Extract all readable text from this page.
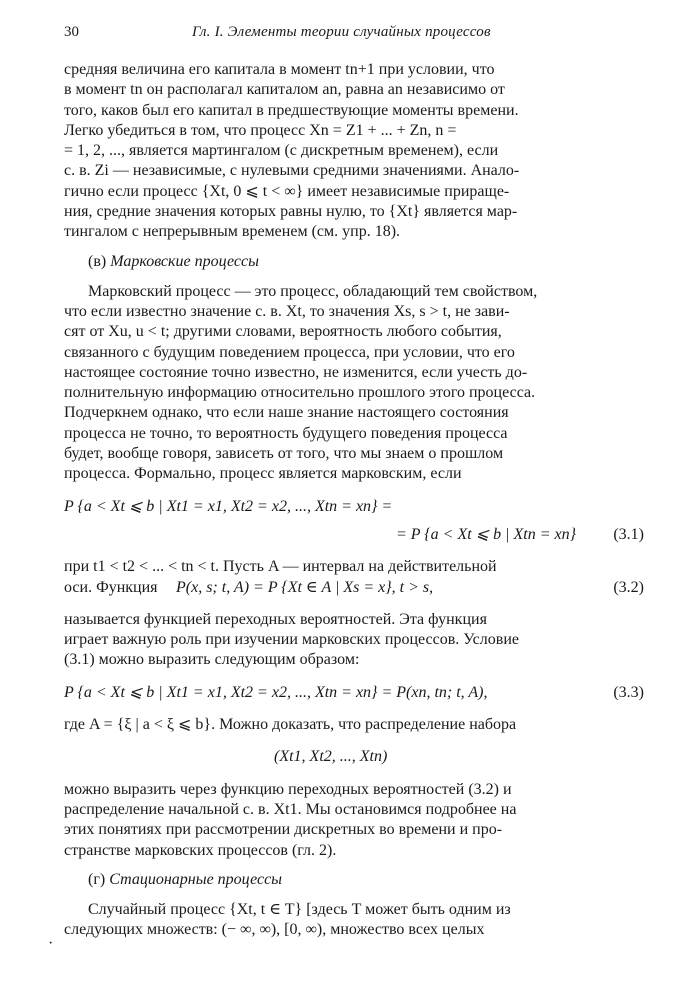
30	Гл. I. Элементы теории случайных процессов

средняя величина его капитала в момент tn+1 при условии, что

в момент tn он располагал капиталом an, равна an независимо от

того, каков был его капитал в предшествующие моменты времени.

Легко убедиться в том, что процесс Xn = Z1 + ... + Zn, n =

= 1, 2, ..., является мартингалом (с дискретным временем), если

с. в. Zi — независимые, с нулевыми средними значениями. Анало-

гично если процесс {Xt, 0 ⩽ t < ∞} имеет независимые прираще-

ния, средние значения которых равны нулю, то {Xt} является мар-

тингалом с непрерывным временем (см. упр. 18).

(в) Марковские процессы

Марковский процесс — это процесс, обладающий тем свойством,

что если известно значение с. в. Xt, то значения Xs, s > t, не зави-

сят от Xu, u < t; другими словами, вероятность любого события,

связанного с будущим поведением процесса, при условии, что его

настоящее состояние точно известно, не изменится, если учесть до-

полнительную информацию относительно прошлого этого процесса.

Подчеркнем однако, что если наше знание настоящего состояния

процесса не точно, то вероятность будущего поведения процесса

будет, вообще говоря, зависеть от того, что мы знаем о прошлом

процесса. Формально, процесс является марковским, если

P {a < Xt ⩽ b | Xt1 = x1, Xt2 = x2, ..., Xtn = xn} =
= P {a < Xt ⩽ b | Xtn = xn} (3.1)

при t1 < t2 < ... < tn < t. Пусть A — интервал на действительной

оси. Функция	P(x, s; t, A) = P {Xt ∈ A | Xs = x}, t > s,	(3.2)

называется функцией переходных вероятностей. Эта функция

играет важную роль при изучении марковских процессов. Условие

(3.1) можно выразить следующим образом:

P {a < Xt ⩽ b | Xt1 = x1, Xt2 = x2, ..., Xtn = xn} = P(xn, tn; t, A),	(3.3)

где A = {ξ | a < ξ ⩽ b}. Можно доказать, что распределение набора

(Xt1, Xt2, ..., Xtn)

можно выразить через функцию переходных вероятностей (3.2) и

распределение начальной с. в. Xt1. Мы остановимся подробнее на

этих понятиях при рассмотрении дискретных во времени и про-

странстве марковских процессов (гл. 2).

(г) Стационарные процессы

Случайный процесс {Xt, t ∈ T} [здесь T может быть одним из

следующих множеств: (− ∞, ∞), [0, ∞), множество всех целых

·
